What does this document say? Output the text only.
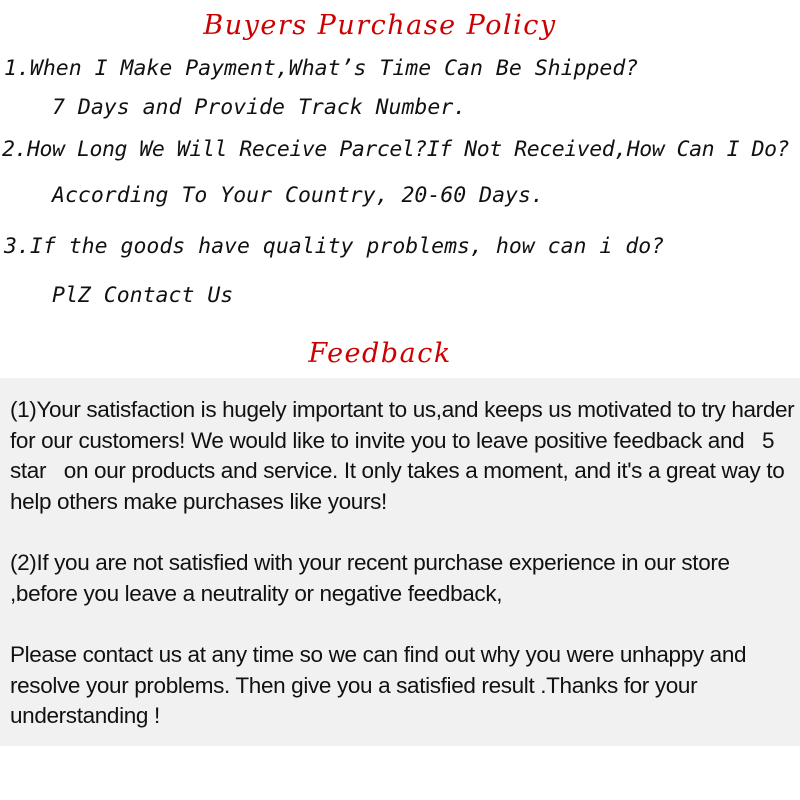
Buyers Purchase Policy
1.When I Make Payment,What’s Time Can Be Shipped?
7 Days and Provide Track Number.
2.How Long We Will Receive Parcel?If Not Received,How Can I Do?
According To Your Country, 20-60 Days.
3.If the goods have quality problems, how can i do?
PlZ Contact Us
Feedback

(1)Your satisfaction is hugely important to us,and keeps us motivated to try harder for our customers! We would like to invite you to leave positive feedback and   5 star   on our products and service. It only takes a moment, and it's a great way to help others make purchases like yours!

(2)If you are not satisfied with your recent purchase experience in our store ,before you leave a neutrality or negative feedback,

Please contact us at any time so we can find out why you were unhappy and resolve your problems. Then give you a satisfied result .Thanks for your understanding !
